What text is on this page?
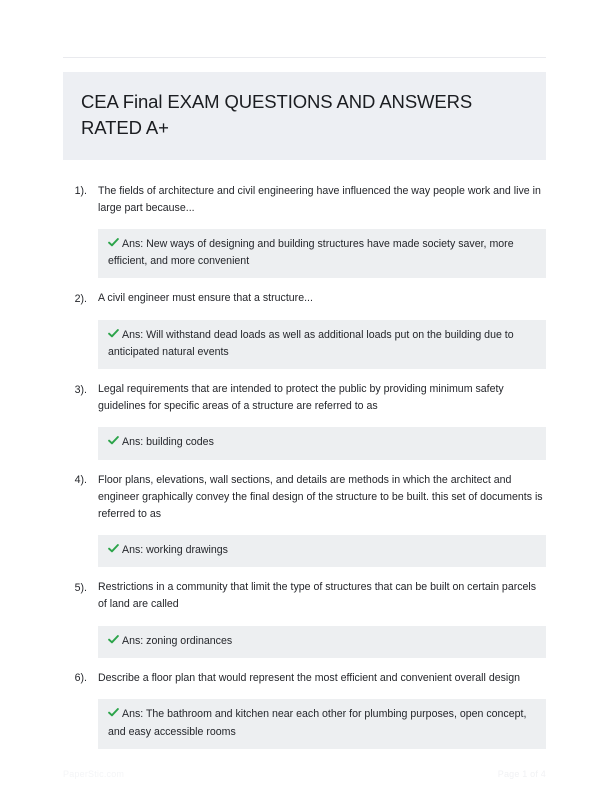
CEA Final EXAM QUESTIONS AND ANSWERS RATED A+
1).	The fields of architecture and civil engineering have influenced the way people work and live in large part because...
Ans: New ways of designing and building structures have made society saver, more efficient, and more convenient
2).	A civil engineer must ensure that a structure...
Ans: Will withstand dead loads as well as additional loads put on the building due to anticipated natural events
3).	Legal requirements that are intended to protect the public by providing minimum safety guidelines for specific areas of a structure are referred to as
Ans: building codes
4).	Floor plans, elevations, wall sections, and details are methods in which the architect and engineer graphically convey the final design of the structure to be built. this set of documents is referred to as
Ans: working drawings
5).	Restrictions in a community that limit the type of structures that can be built on certain parcels of land are called
Ans: zoning ordinances
6).	Describe a floor plan that would represent the most efficient and convenient overall design
Ans: The bathroom and kitchen near each other for plumbing purposes, open concept, and easy accessible rooms
PaperStic.com	Page 1 of 4
